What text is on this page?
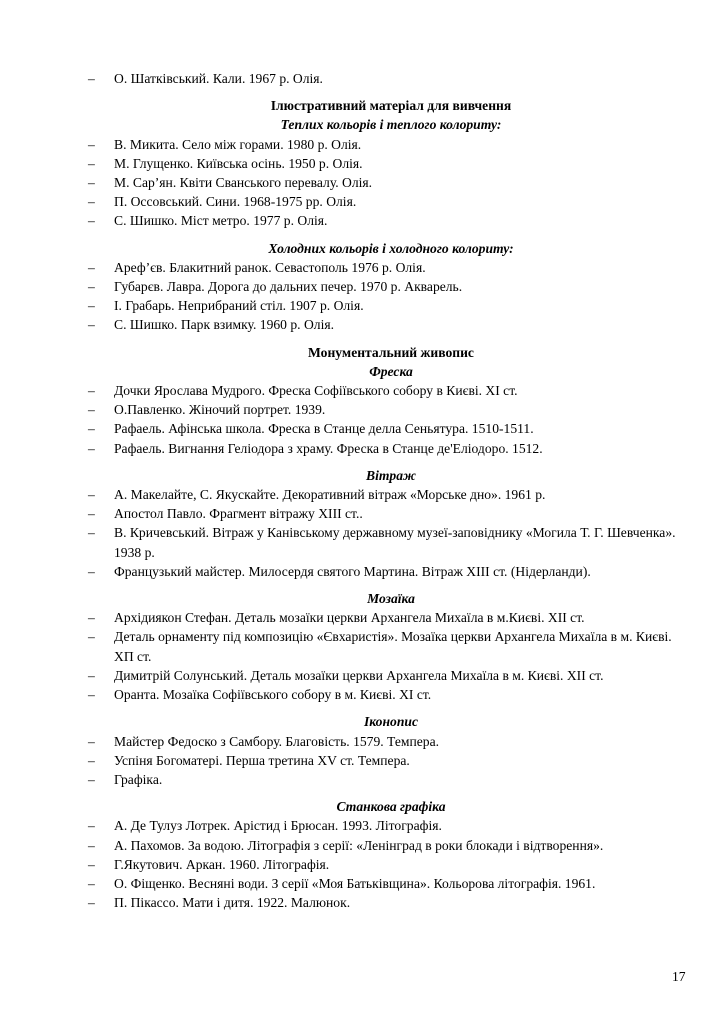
– О. Шатківський. Кали. 1967 р. Олія.
Ілюстративний матеріал для вивчення
Теплих кольорів і теплого колориту:
– В. Микита. Село між горами. 1980 р. Олія.
– М. Глущенко. Київська осінь. 1950 р. Олія.
– М. Сар’ян. Квіти Сванського перевалу. Олія.
– П. Оссовський. Сини. 1968-1975 рр. Олія.
– С. Шишко. Міст метро. 1977 р. Олія.
Холодних кольорів і холодного колориту:
– Ареф’єв. Блакитний ранок. Севастополь 1976 р. Олія.
– Губарєв. Лавра. Дорога до дальних печер. 1970 р. Акварель.
– І. Грабарь. Неприбраний стіл. 1907 р. Олія.
– С. Шишко. Парк взимку. 1960 р. Олія.
Монументальний живопис
Фреска
– Дочки Ярослава Мудрого. Фреска Софіївського собору в Києві. XI ст.
– О.Павленко. Жіночий портрет. 1939.
– Рафаель. Афінська школа. Фреска в Станце делла Сеньятура. 1510-1511.
– Рафаель. Вигнання Геліодора з храму. Фреска в Станце де'Еліодоро. 1512.
Вітраж
– А. Макелайте, С. Якускайте. Декоративний вітраж «Морське дно». 1961 р.
– Апостол Павло. Фрагмент вітражу XIII ст..
– В. Кричевський. Вітраж у Канівському державному музеї-заповіднику «Могила Т. Г. Шевченка». 1938 р.
– Французький майстер. Милосердя святого Мартина. Вітраж XIII ст. (Нідерланди).
Мозаїка
– Архідиякон Стефан. Деталь мозаїки церкви Архангела Михаїла в м.Києві. XII ст.
– Деталь орнаменту під композицію «Євхаристія». Мозаїка церкви Архангела Михаїла в м. Києві. ХП ст.
– Димитрій Солунський. Деталь мозаїки церкви Архангела Михаїла в м. Києві. XII ст.
– Оранта. Мозаїка Софіївського собору в м. Києві. XI ст.
Іконопис
– Майстер Федоско з Самбору. Благовість. 1579. Темпера.
– Успіня Богоматері. Перша третина XV ст. Темпера.
– Графіка.
Станкова графіка
– А. Де Тулуз Лотрек. Арістид і Брюсан. 1993. Літографія.
– А. Пахомов. За водою. Літографія з серії: «Ленінград в роки блокади і відтворення».
– Г.Якутович. Аркан. 1960. Літографія.
– О. Фіщенко. Весняні води. З серії «Моя Батьківщина». Кольорова літографія. 1961.
– П. Пікассо. Мати і дитя. 1922. Малюнок.
17
